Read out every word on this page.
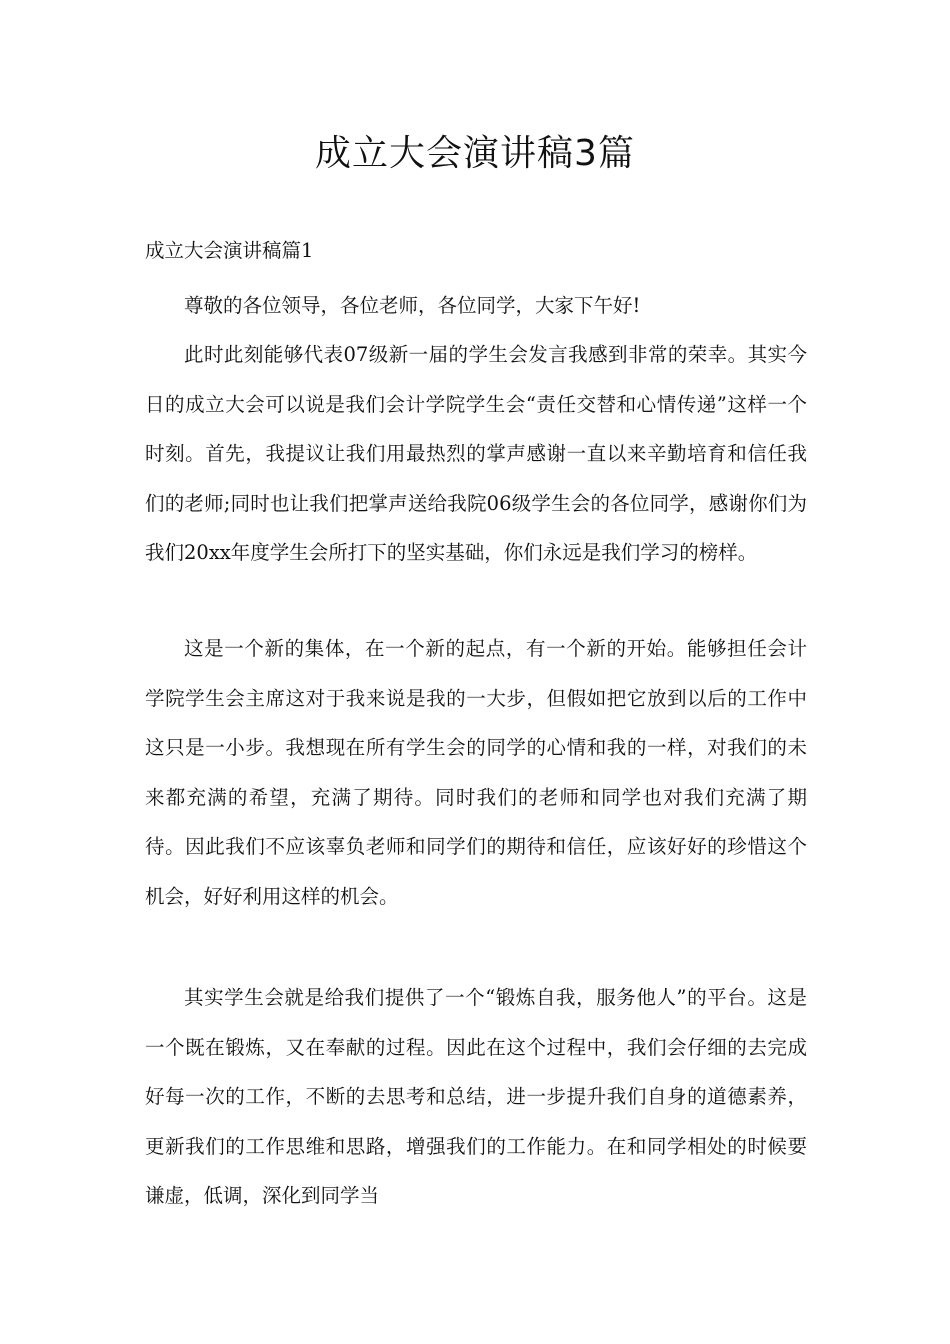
成立大会演讲稿3篇
成立大会演讲稿篇1

尊敬的各位领导，各位老师，各位同学，大家下午好!

此时此刻能够代表07级新一届的学生会发言我感到非常的荣幸。其实今日的成立大会可以说是我们会计学院学生会“责任交替和心情传递”这样一个时刻。首先，我提议让我们用最热烈的掌声感谢一直以来辛勤培育和信任我们的老师;同时也让我们把掌声送给我院06级学生会的各位同学，感谢你们为我们20xx年度学生会所打下的坚实基础，你们永远是我们学习的榜样。

这是一个新的集体，在一个新的起点，有一个新的开始。能够担任会计学院学生会主席这对于我来说是我的一大步，但假如把它放到以后的工作中这只是一小步。我想现在所有学生会的同学的心情和我的一样，对我们的未来都充满的希望，充满了期待。同时我们的老师和同学也对我们充满了期待。因此我们不应该辜负老师和同学们的期待和信任，应该好好的珍惜这个机会，好好利用这样的机会。

其实学生会就是给我们提供了一个“锻炼自我，服务他人”的平台。这是一个既在锻炼，又在奉献的过程。因此在这个过程中，我们会仔细的去完成好每一次的工作，不断的去思考和总结，进一步提升我们自身的道德素养，更新我们的工作思维和思路，增强我们的工作能力。在和同学相处的时候要谦虚，低调，深化到同学当
